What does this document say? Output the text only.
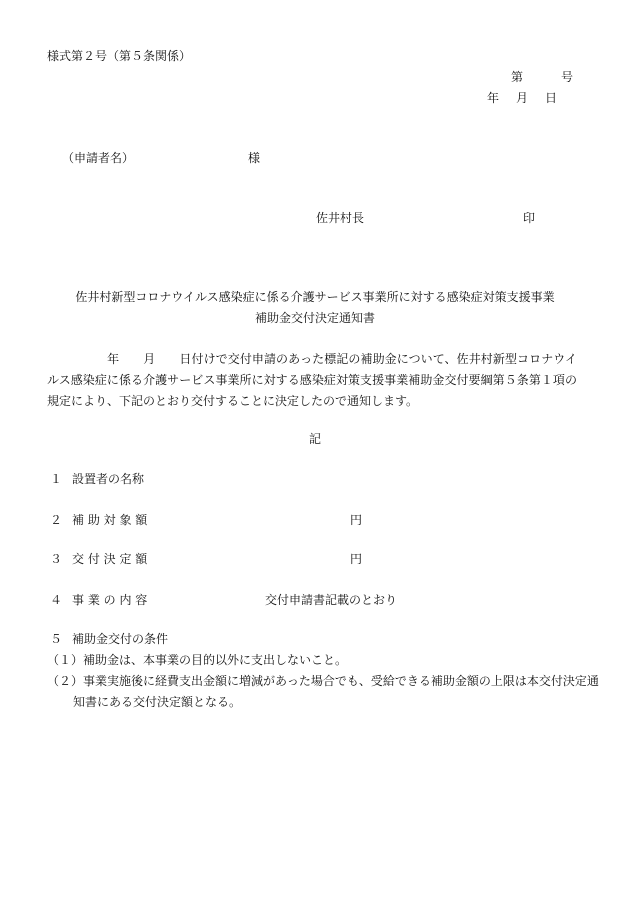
様式第２号（第５条関係）
第	号
年 月 日
（申請者名）	様
佐井村長	印
佐井村新型コロナウイルス感染症に係る介護サービス事業所に対する感染症対策支援事業
補助金交付決定通知書
年 月 日付けで交付申請のあった標記の補助金について、佐井村新型コロナウイルス感染症に係る介護サービス事業所に対する感染症対策支援事業補助金交付要綱第５条第１項の規定により、下記のとおり交付することに決定したので通知します。
記
１ 設置者の名称
２ 補 助 対 象 額	円
３ 交 付 決 定 額	円
４ 事 業 の 内 容	交付申請書記載のとおり
５ 補助金交付の条件
（１）補助金は、本事業の目的以外に支出しないこと。
（２）事業実施後に経費支出金額に増減があった場合でも、受給できる補助金額の上限は本交付決定通知書にある交付決定額となる。
